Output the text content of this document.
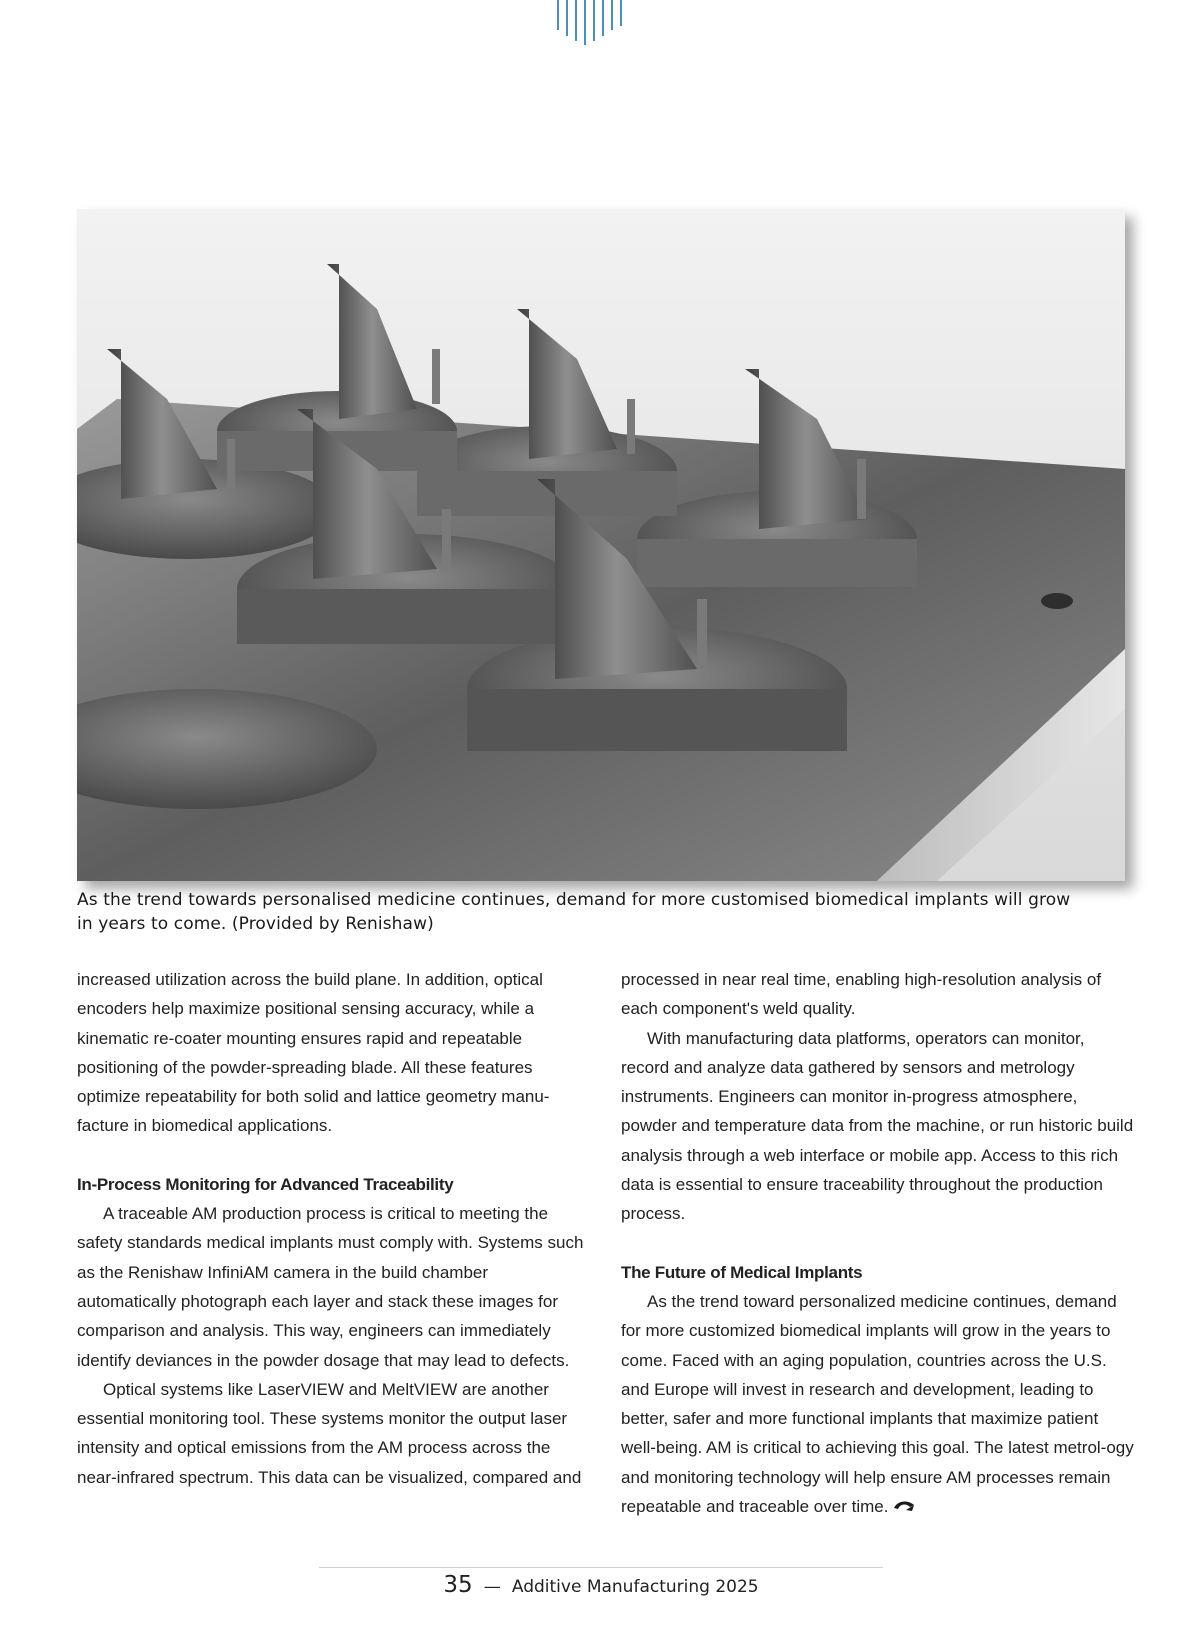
As the trend towards personalised medicine continues, demand for more customised biomedical implants will grow in years to come. (Provided by Renishaw)

increased utilization across the build plane. In addition, optical encoders help maximize positional sensing accuracy, while a kinematic re-coater mounting ensures rapid and repeatable positioning of the powder-spreading blade. All these features optimize repeatability for both solid and lattice geometry manu-facture in biomedical applications.

In-Process Monitoring for Advanced Traceability

A traceable AM production process is critical to meeting the safety standards medical implants must comply with. Systems such as the Renishaw InfiniAM camera in the build chamber automatically photograph each layer and stack these images for comparison and analysis. This way, engineers can immediately identify deviances in the powder dosage that may lead to defects.

Optical systems like LaserVIEW and MeltVIEW are another essential monitoring tool. These systems monitor the output laser intensity and optical emissions from the AM process across the near-infrared spectrum. This data can be visualized, compared and

processed in near real time, enabling high-resolution analysis of each component's weld quality.

With manufacturing data platforms, operators can monitor, record and analyze data gathered by sensors and metrology instruments. Engineers can monitor in-progress atmosphere, powder and temperature data from the machine, or run historic build analysis through a web interface or mobile app. Access to this rich data is essential to ensure traceability throughout the production process.

The Future of Medical Implants

As the trend toward personalized medicine continues, demand for more customized biomedical implants will grow in the years to come. Faced with an aging population, countries across the U.S. and Europe will invest in research and development, leading to better, safer and more functional implants that maximize patient well-being. AM is critical to achieving this goal. The latest metrol-ogy and monitoring technology will help ensure AM processes remain repeatable and traceable over time.

35 — Additive Manufacturing 2025
